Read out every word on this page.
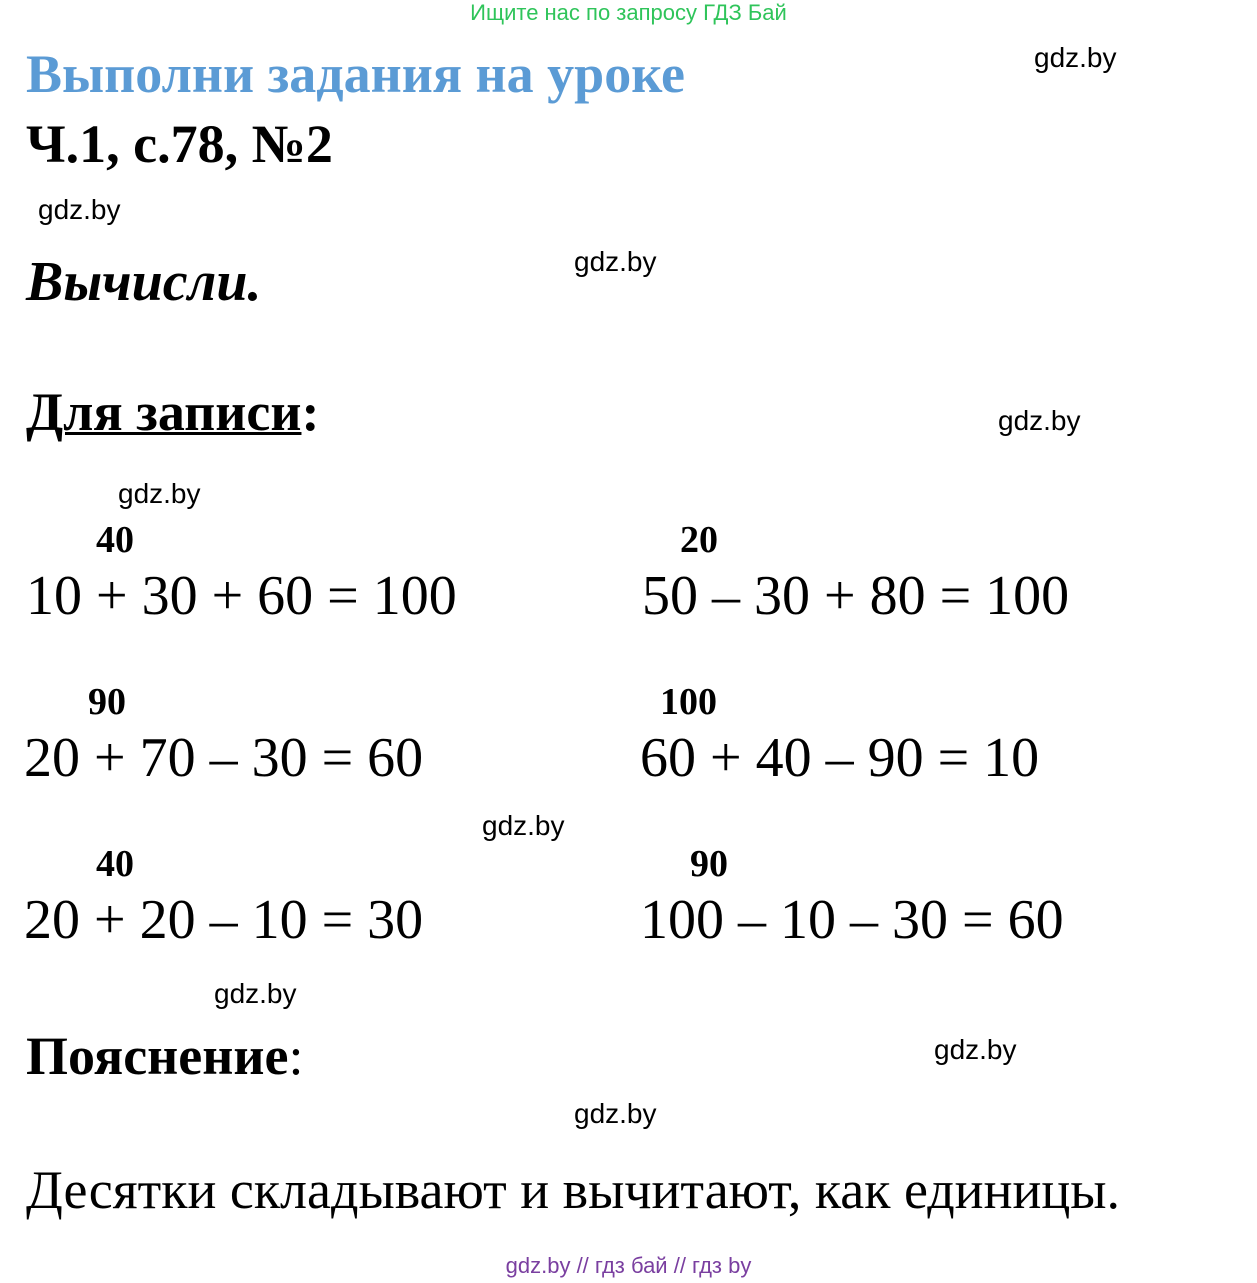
Ищите нас по запросу ГДЗ Бай
Выполни задания на уроке
Ч.1, с.78, №2
Вычисли.
Для записи:
40
10 + 30 + 60 = 100
20
50 – 30 + 80 = 100
90
20 + 70 – 30 = 60
100
60 + 40 – 90 = 10
40
20 + 20 – 10 = 30
90
100 – 10 – 30 = 60
Пояснение:
Десятки складывают и вычитают, как единицы.
gdz.by
gdz.by
gdz.by
gdz.by
gdz.by
gdz.by
gdz.by
gdz.by
gdz.by
gdz.by // гдз бай // гдз by
